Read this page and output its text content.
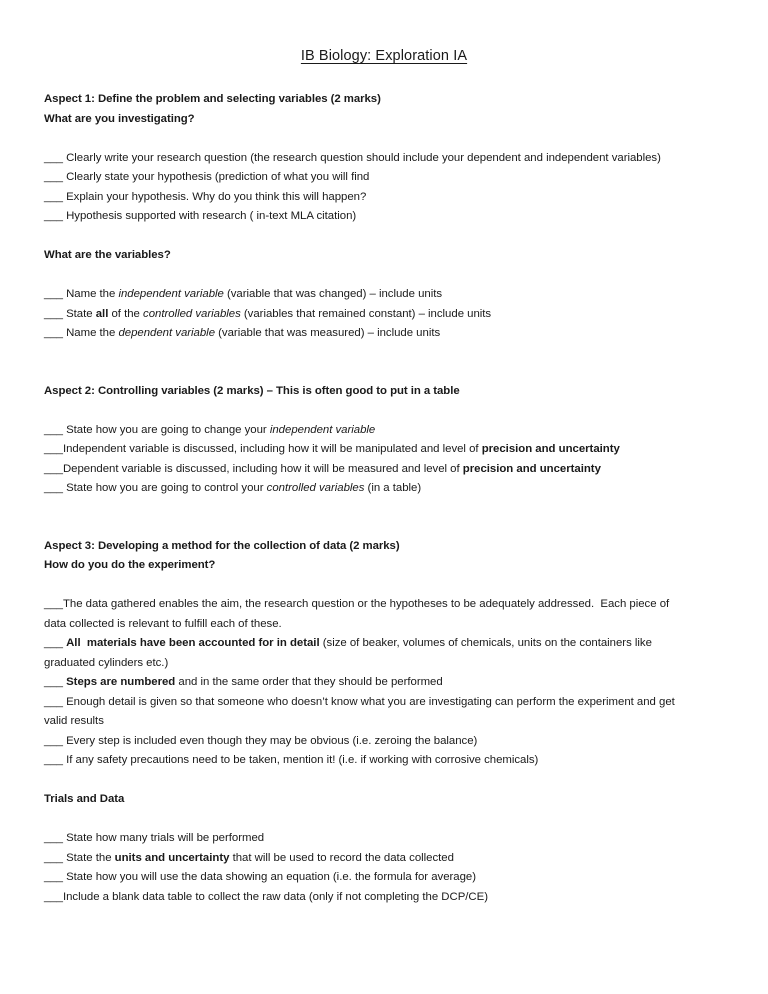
IB Biology: Exploration IA
Aspect 1: Define the problem and selecting variables (2 marks)
What are you investigating?
___ Clearly write your research question (the research question should include your dependent and independent variables)
___ Clearly state your hypothesis (prediction of what you will find
___ Explain your hypothesis. Why do you think this will happen?
___ Hypothesis supported with research ( in-text MLA citation)
What are the variables?
___ Name the independent variable (variable that was changed) – include units
___ State all of the controlled variables (variables that remained constant) – include units
___ Name the dependent variable (variable that was measured) – include units
Aspect 2: Controlling variables (2 marks) – This is often good to put in a table
___ State how you are going to change your independent variable
___Independent variable is discussed, including how it will be manipulated and level of precision and uncertainty
___Dependent variable is discussed, including how it will be measured and level of precision and uncertainty
___ State how you are going to control your controlled variables (in a table)
Aspect 3: Developing a method for the collection of data (2 marks)
How do you do the experiment?
___The data gathered enables the aim, the research question or the hypotheses to be adequately addressed.  Each piece of data collected is relevant to fulfill each of these.
___ All  materials have been accounted for in detail (size of beaker, volumes of chemicals, units on the containers like graduated cylinders etc.)
___ Steps are numbered and in the same order that they should be performed
___ Enough detail is given so that someone who doesn’t know what you are investigating can perform the experiment and get valid results
___ Every step is included even though they may be obvious (i.e. zeroing the balance)
___ If any safety precautions need to be taken, mention it! (i.e. if working with corrosive chemicals)
Trials and Data
___ State how many trials will be performed
___ State the units and uncertainty that will be used to record the data collected
___ State how you will use the data showing an equation (i.e. the formula for average)
___Include a blank data table to collect the raw data (only if not completing the DCP/CE)
